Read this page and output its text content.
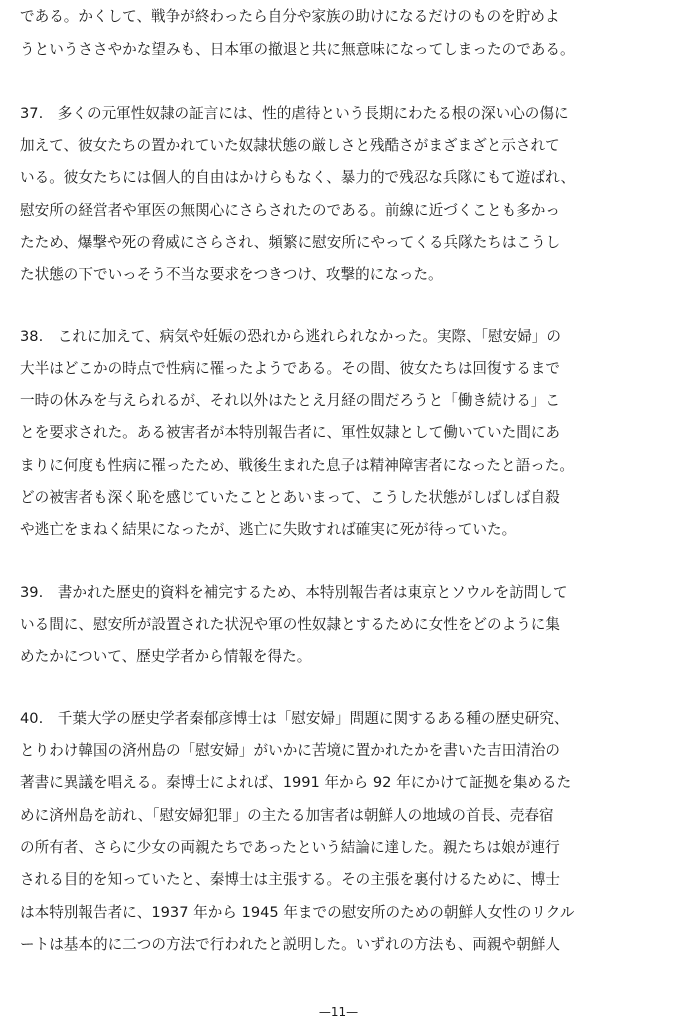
である。かくして、戦争が終わったら自分や家族の助けになるだけのものを貯めよ
うというささやかな望みも、日本軍の撤退と共に無意味になってしまったのである。
37.　多くの元軍性奴隷の証言には、性的虐待という長期にわたる根の深い心の傷に
加えて、彼女たちの置かれていた奴隷状態の厳しさと残酷さがまざまざと示されて
いる。彼女たちには個人的自由はかけらもなく、暴力的で残忍な兵隊にもて遊ばれ、
慰安所の経営者や軍医の無関心にさらされたのである。前線に近づくことも多かっ
たため、爆撃や死の脅威にさらされ、頻繁に慰安所にやってくる兵隊たちはこうし
た状態の下でいっそう不当な要求をつきつけ、攻撃的になった。
38.　これに加えて、病気や妊娠の恐れから逃れられなかった。実際、「慰安婦」の
大半はどこかの時点で性病に罹ったようである。その間、彼女たちは回復するまで
一時の休みを与えられるが、それ以外はたとえ月経の間だろうと「働き続ける」こ
とを要求された。ある被害者が本特別報告者に、軍性奴隷として働いていた間にあ
まりに何度も性病に罹ったため、戦後生まれた息子は精神障害者になったと語った。
どの被害者も深く恥を感じていたこととあいまって、こうした状態がしばしば自殺
や逃亡をまねく結果になったが、逃亡に失敗すれば確実に死が待っていた。
39.　書かれた歴史的資料を補完するため、本特別報告者は東京とソウルを訪問して
いる間に、慰安所が設置された状況や軍の性奴隷とするために女性をどのように集
めたかについて、歴史学者から情報を得た。
40.　千葉大学の歴史学者秦郁彦博士は「慰安婦」問題に関するある種の歴史研究、
とりわけ韓国の済州島の「慰安婦」がいかに苦境に置かれたかを書いた吉田清治の
著書に異議を唱える。秦博士によれば、1991 年から 92 年にかけて証拠を集めるた
めに済州島を訪れ、「慰安婦犯罪」の主たる加害者は朝鮮人の地域の首長、売春宿
の所有者、さらに少女の両親たちであったという結論に達した。親たちは娘が連行
される目的を知っていたと、秦博士は主張する。その主張を裏付けるために、博士
は本特別報告者に、1937 年から 1945 年までの慰安所のための朝鮮人女性のリクル
ートは基本的に二つの方法で行われたと説明した。いずれの方法も、両親や朝鮮人
—11—
